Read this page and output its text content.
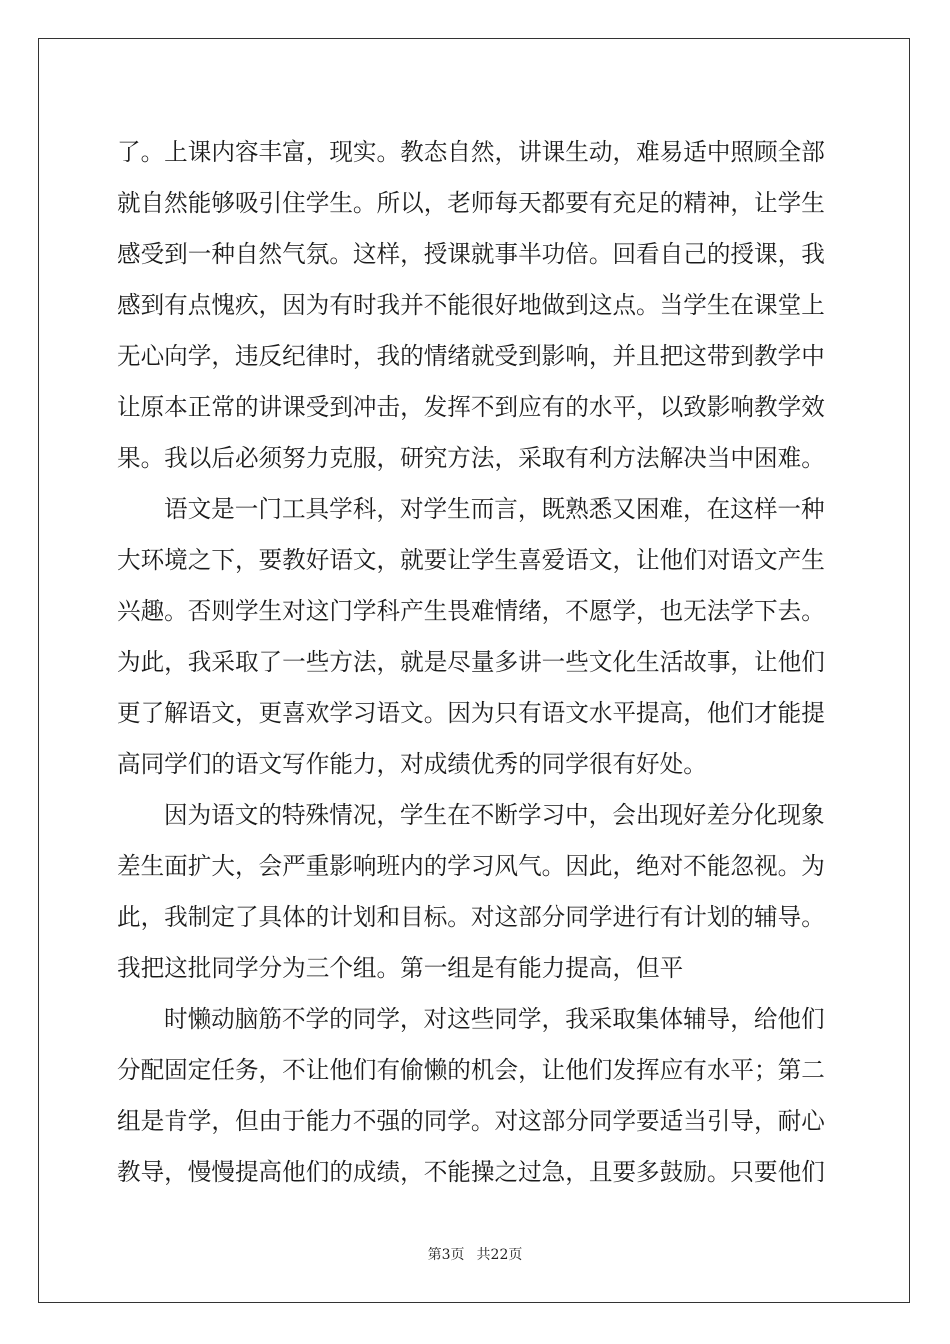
了。上课内容丰富，现实。教态自然，讲课生动，难易适中照顾全部
就自然能够吸引住学生。所以，老师每天都要有充足的精神，让学生
感受到一种自然气氛。这样，授课就事半功倍。回看自己的授课，我
感到有点愧疚，因为有时我并不能很好地做到这点。当学生在课堂上
无心向学，违反纪律时，我的情绪就受到影响，并且把这带到教学中
让原本正常的讲课受到冲击，发挥不到应有的水平，以致影响教学效
果。我以后必须努力克服，研究方法，采取有利方法解决当中困难。
语文是一门工具学科，对学生而言，既熟悉又困难，在这样一种
大环境之下，要教好语文，就要让学生喜爱语文，让他们对语文产生
兴趣。否则学生对这门学科产生畏难情绪，不愿学，也无法学下去。
为此，我采取了一些方法，就是尽量多讲一些文化生活故事，让他们
更了解语文，更喜欢学习语文。因为只有语文水平提高，他们才能提
高同学们的语文写作能力，对成绩优秀的同学很有好处。
因为语文的特殊情况，学生在不断学习中，会出现好差分化现象
差生面扩大，会严重影响班内的学习风气。因此，绝对不能忽视。为
此，我制定了具体的计划和目标。对这部分同学进行有计划的辅导。
我把这批同学分为三个组。第一组是有能力提高，但平
时懒动脑筋不学的同学，对这些同学，我采取集体辅导，给他们
分配固定任务，不让他们有偷懒的机会，让他们发挥应有水平；第二
组是肯学，但由于能力不强的同学。对这部分同学要适当引导，耐心
教导，慢慢提高他们的成绩，不能操之过急，且要多鼓励。只要他们
第3页 共22页
